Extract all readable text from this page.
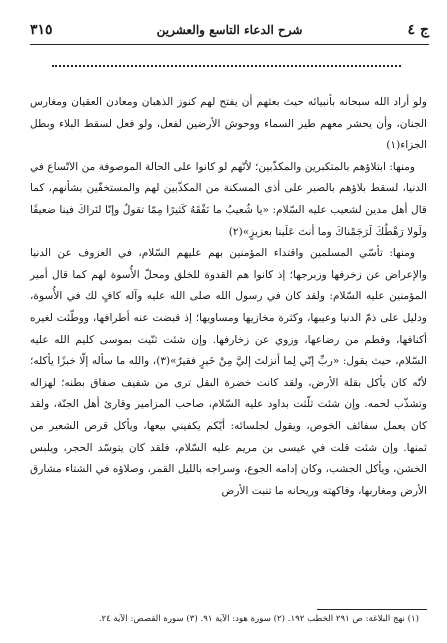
ج ٤
شرح الدعاء التاسع والعشرين
٣١٥

ولو أراد الله سبحانه بأنبيائه حيث بعثهم أن يفتح لهم كنوز الذهبان ومعادن العقيان ومغارس الجنان، وأن يحشر معهم طير السماء ووحوش الأرضين لفعل، ولو فعل لسقط البلاء وبطل الجزاء(١)

ومنها: ابتلاؤهم بالمتكبرين والمكذّبين؛ لأنّهم لو كانوا على الحالة الموصوفة من الاتّساع في الدنيا، لسقط بلاؤهم بالصبر على أذى المسكنة من المكذّبين لهم والمستخفّين بشأنهم، كما قال أهل مدين لشعيب عليه السّلام: «يا شُعيبُ ما نَفْقَهُ كَثيرًا مِمّا تقولُ وإنّا لنَراكَ فينا ضعيفًا ولَولا رَهْطُكَ لَرَجَمْناكَ وما أنتَ عَلَينا بعزيزٍ»(٢)

ومنها: تأسّي المسلمين واقتداء المؤمنين بهم عليهم السّلام، في العزوف عن الدنيا والإعراض عن زخرفها وزبرجها؛ إذ كانوا هم القدوة للخلق ومحلّ الأُسوة لهم كما قال أمير المؤمنين عليه السّلام: ولقد كان في رسول الله صلى الله عليه وآله كافٍ لك في الأُسوة، ودليل على ذمّ الدنيا وعيبها، وكثرة مخازيها ومساويها؛ إذ قبضت عنه أطرافها، ووطّئت لغيره أكنافها، وفطم من رضاعها، وزوي عن زخارفها. وإن شئت ثنّيت بموسى كليم الله عليه السّلام، حيث يقول: «ربِّ إنّي لِما أنزلتَ إليَّ مِنْ خَيرٍ فقيرٌ»(٣)، والله ما سأله إلّا خبزًا يأكله؛ لأنّه كان يأكل بقلة الأرض، ولقد كانت خضرة البقل ترى من شفيف صفاق بطنه؛ لهزاله وتشذّب لحمه. وإن شئت ثلّثت بداود عليه السّلام، صاحب المزامير وقارئ أهل الجنّة، ولقد كان يعمل سفائف الخوص، ويقول لجلسائه: أيّكم يكفيني بيعها، ويأكل قرص الشعير من ثمنها. وإن شئت قلت في عيسى بن مريم عليه السّلام، فلقد كان يتوسّد الحجر، ويلبس الخشن، ويأكل الجشب، وكان إدامه الجوع، وسراجه بالليل القمر، وصلاؤه في الشتاء مشارق الأرض ومغاربها، وفاكهته وريحانه ما تنبت الأرض

(١) نهج البلاغة: ص ٢٩١ الخطب ١٩٢. (٢) سورة هود: الآية ٩١. (٣) سورة القصص: الآية ٢٤.
